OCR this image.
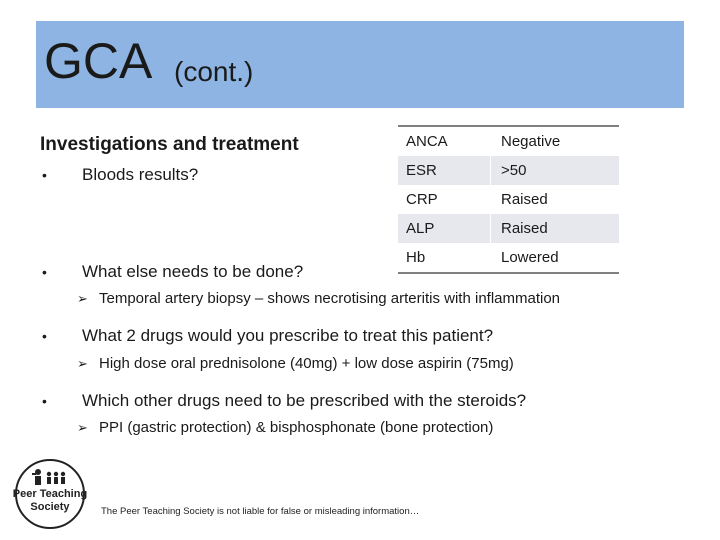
GCA (cont.)
Investigations and treatment
•	Bloods results?
•	What else needs to be done?
➢ Temporal artery biopsy – shows necrotising arteritis with inflammation
•	What 2 drugs would you prescribe to treat this patient?
➢ High dose oral prednisolone (40mg) + low dose aspirin (75mg)
•	Which other drugs need to be prescribed with the steroids?
➢ PPI (gastric protection) & bisphosphonate (bone protection)
ANCA	Negative
ESR	>50
CRP	Raised
ALP	Raised
Hb	Lowered
Peer Teaching
Society	The Peer Teaching Society is not liable for false or misleading information…
